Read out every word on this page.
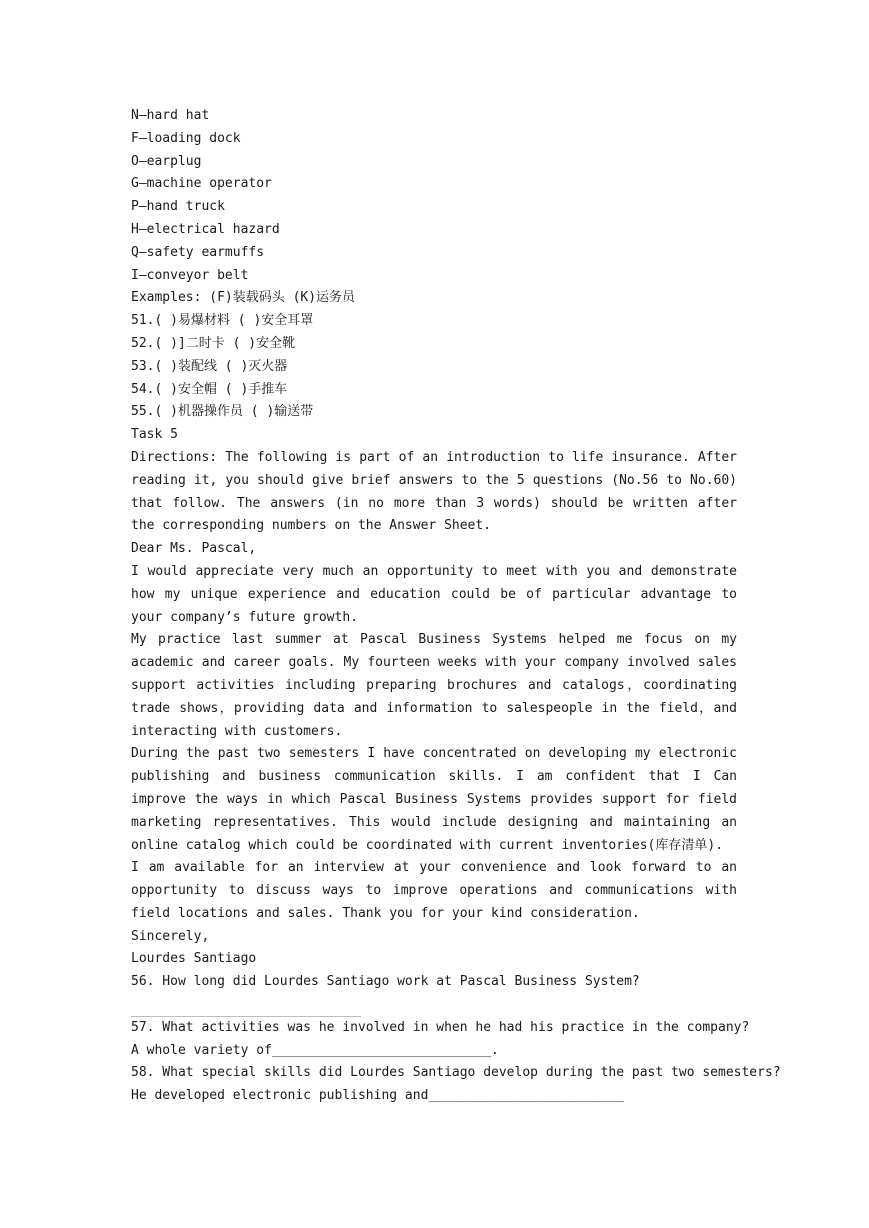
N—hard hat
F—loading dock
O—earplug
G—machine operator
P—hand truck
H—electrical hazard
Q—safety earmuffs
I—conveyor belt
Examples: (F)装载码头 (K)运务员
51.( )易爆材料 ( )安全耳罩
52.( )]二时卡 ( )安全靴
53.( )装配线 ( )灭火器
54.( )安全帽 ( )手推车
55.( )机器操作员 ( )输送带
Task 5
Directions: The following is part of an introduction to life insurance. After reading it, you should give brief answers to the 5 questions (No.56 to No.60) that follow. The answers (in no more than 3 words) should be written after the corresponding numbers on the Answer Sheet.
Dear Ms. Pascal,
I would appreciate very much an opportunity to meet with you and demonstrate how my unique experience and education could be of particular advantage to your company’s future growth.
My practice last summer at Pascal Business Systems helped me focus on my academic and career goals. My fourteen weeks with your company involved sales support activities including preparing brochures and catalogs，coordinating trade shows，providing data and information to salespeople in the field，and interacting with customers.
During the past two semesters I have concentrated on developing my electronic publishing and business communication skills. I am confident that I Can improve the ways in which Pascal Business Systems provides support for field marketing representatives. This would include designing and maintaining an online catalog which could be coordinated with current inventories(库存清单).
I am available for an interview at your convenience and look forward to an opportunity to discuss ways to improve operations and communications with field locations and sales. Thank you for your kind consideration.
Sincerely,
Lourdes Santiago
56. How long did Lourdes Santiago work at Pascal Business System?
57. What activities was he involved in when he had his practice in the company?
A whole variety of____________________________.
58. What special skills did Lourdes Santiago develop during the past two semesters?
He developed electronic publishing and_________________________
